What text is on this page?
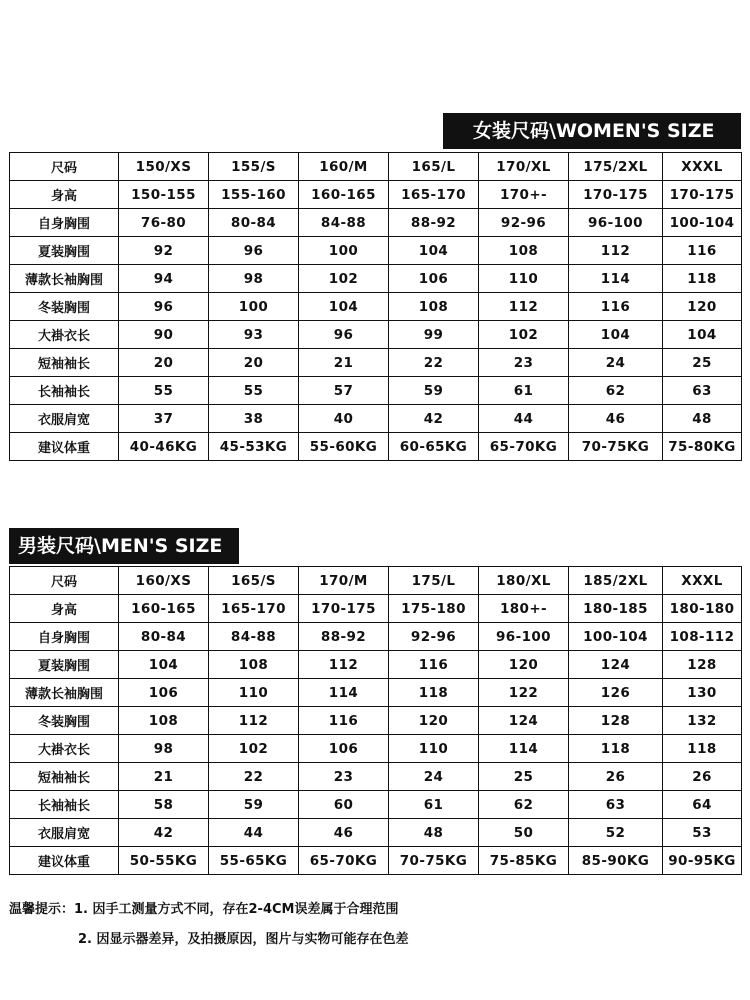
女装尺码\WOMEN'S SIZE
尺码	150/XS	155/S	160/M	165/L	170/XL	175/2XL	XXXL
身高	150-155	155-160	160-165	165-170	170+-	170-175	170-175
自身胸围	76-80	80-84	84-88	88-92	92-96	96-100	100-104
夏装胸围	92	96	100	104	108	112	116
薄款长袖胸围	94	98	102	106	110	114	118
冬装胸围	96	100	104	108	112	116	120
大褂衣长	90	93	96	99	102	104	104
短袖袖长	20	20	21	22	23	24	25
长袖袖长	55	55	57	59	61	62	63
衣服肩宽	37	38	40	42	44	46	48
建议体重	40-46KG	45-53KG	55-60KG	60-65KG	65-70KG	70-75KG	75-80KG
男装尺码\MEN'S SIZE
尺码	160/XS	165/S	170/M	175/L	180/XL	185/2XL	XXXL
身高	160-165	165-170	170-175	175-180	180+-	180-185	180-180
自身胸围	80-84	84-88	88-92	92-96	96-100	100-104	108-112
夏装胸围	104	108	112	116	120	124	128
薄款长袖胸围	106	110	114	118	122	126	130
冬装胸围	108	112	116	120	124	128	132
大褂衣长	98	102	106	110	114	118	118
短袖袖长	21	22	23	24	25	26	26
长袖袖长	58	59	60	61	62	63	64
衣服肩宽	42	44	46	48	50	52	53
建议体重	50-55KG	55-65KG	65-70KG	70-75KG	75-85KG	85-90KG	90-95KG
温馨提示：1. 因手工测量方式不同，存在2-4CM误差属于合理范围
2. 因显示器差异，及拍摄原因，图片与实物可能存在色差
